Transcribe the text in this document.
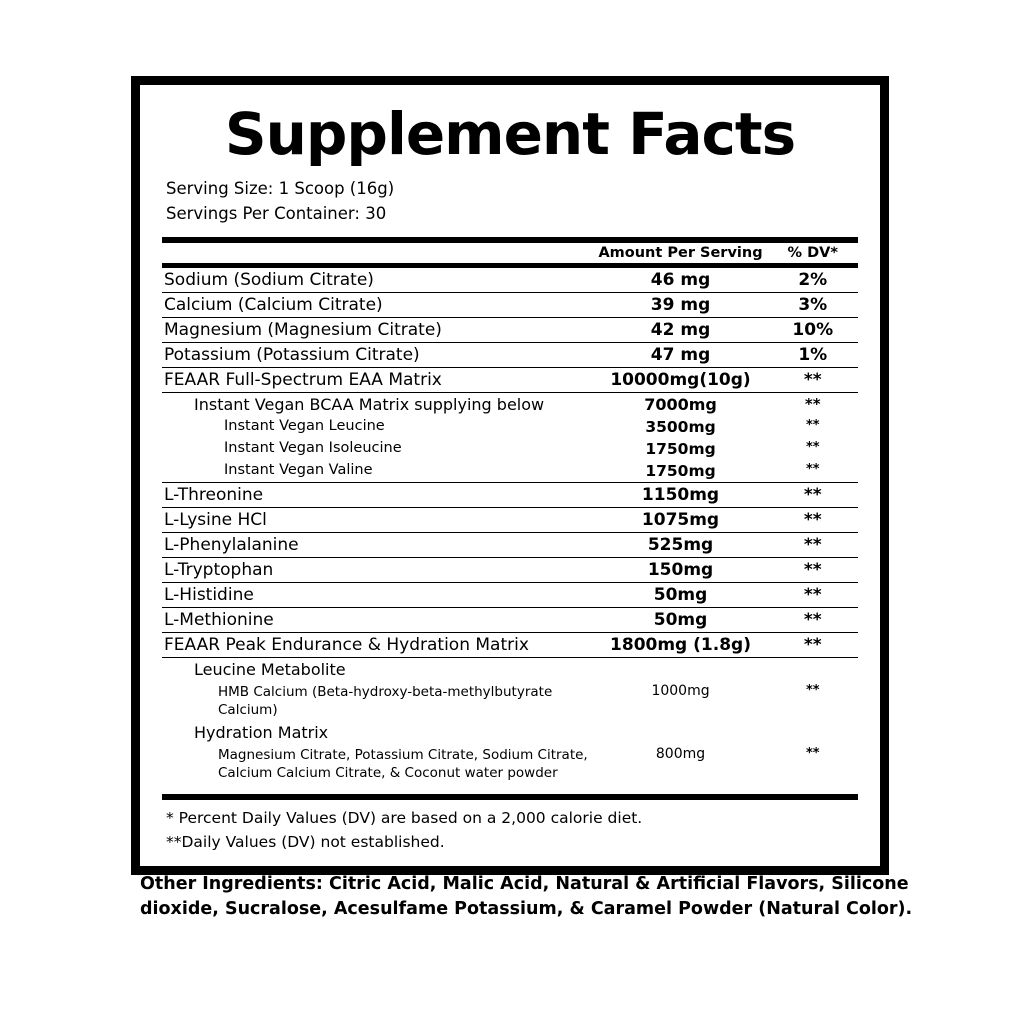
Supplement Facts
Serving Size: 1 Scoop (16g)
Servings Per Container: 30
	Amount Per Serving	% DV*
Sodium (Sodium Citrate)	46 mg	2%
Calcium (Calcium Citrate)	39 mg	3%
Magnesium (Magnesium Citrate)	42 mg	10%
Potassium (Potassium Citrate)	47 mg	1%
FEAAR Full-Spectrum EAA Matrix	10000mg(10g)	**
Instant Vegan BCAA Matrix supplying below	7000mg	**
Instant Vegan Leucine	3500mg	**
Instant Vegan Isoleucine	1750mg	**
Instant Vegan Valine	1750mg	**
L-Threonine	1150mg	**
L-Lysine HCl	1075mg	**
L-Phenylalanine	525mg	**
L-Tryptophan	150mg	**
L-Histidine	50mg	**
L-Methionine	50mg	**
FEAAR Peak Endurance & Hydration Matrix	1800mg (1.8g)	**
Leucine Metabolite		
HMB Calcium (Beta-hydroxy-beta-methylbutyrate Calcium)	1000mg	**
Hydration Matrix		
Magnesium Citrate, Potassium Citrate, Sodium Citrate, Calcium Calcium Citrate, & Coconut water powder	800mg	**
* Percent Daily Values (DV) are based on a 2,000 calorie diet.
**Daily Values (DV) not established.
Other Ingredients: Citric Acid, Malic Acid, Natural & Artificial Flavors, Silicone dioxide, Sucralose, Acesulfame Potassium, & Caramel Powder (Natural Color).
